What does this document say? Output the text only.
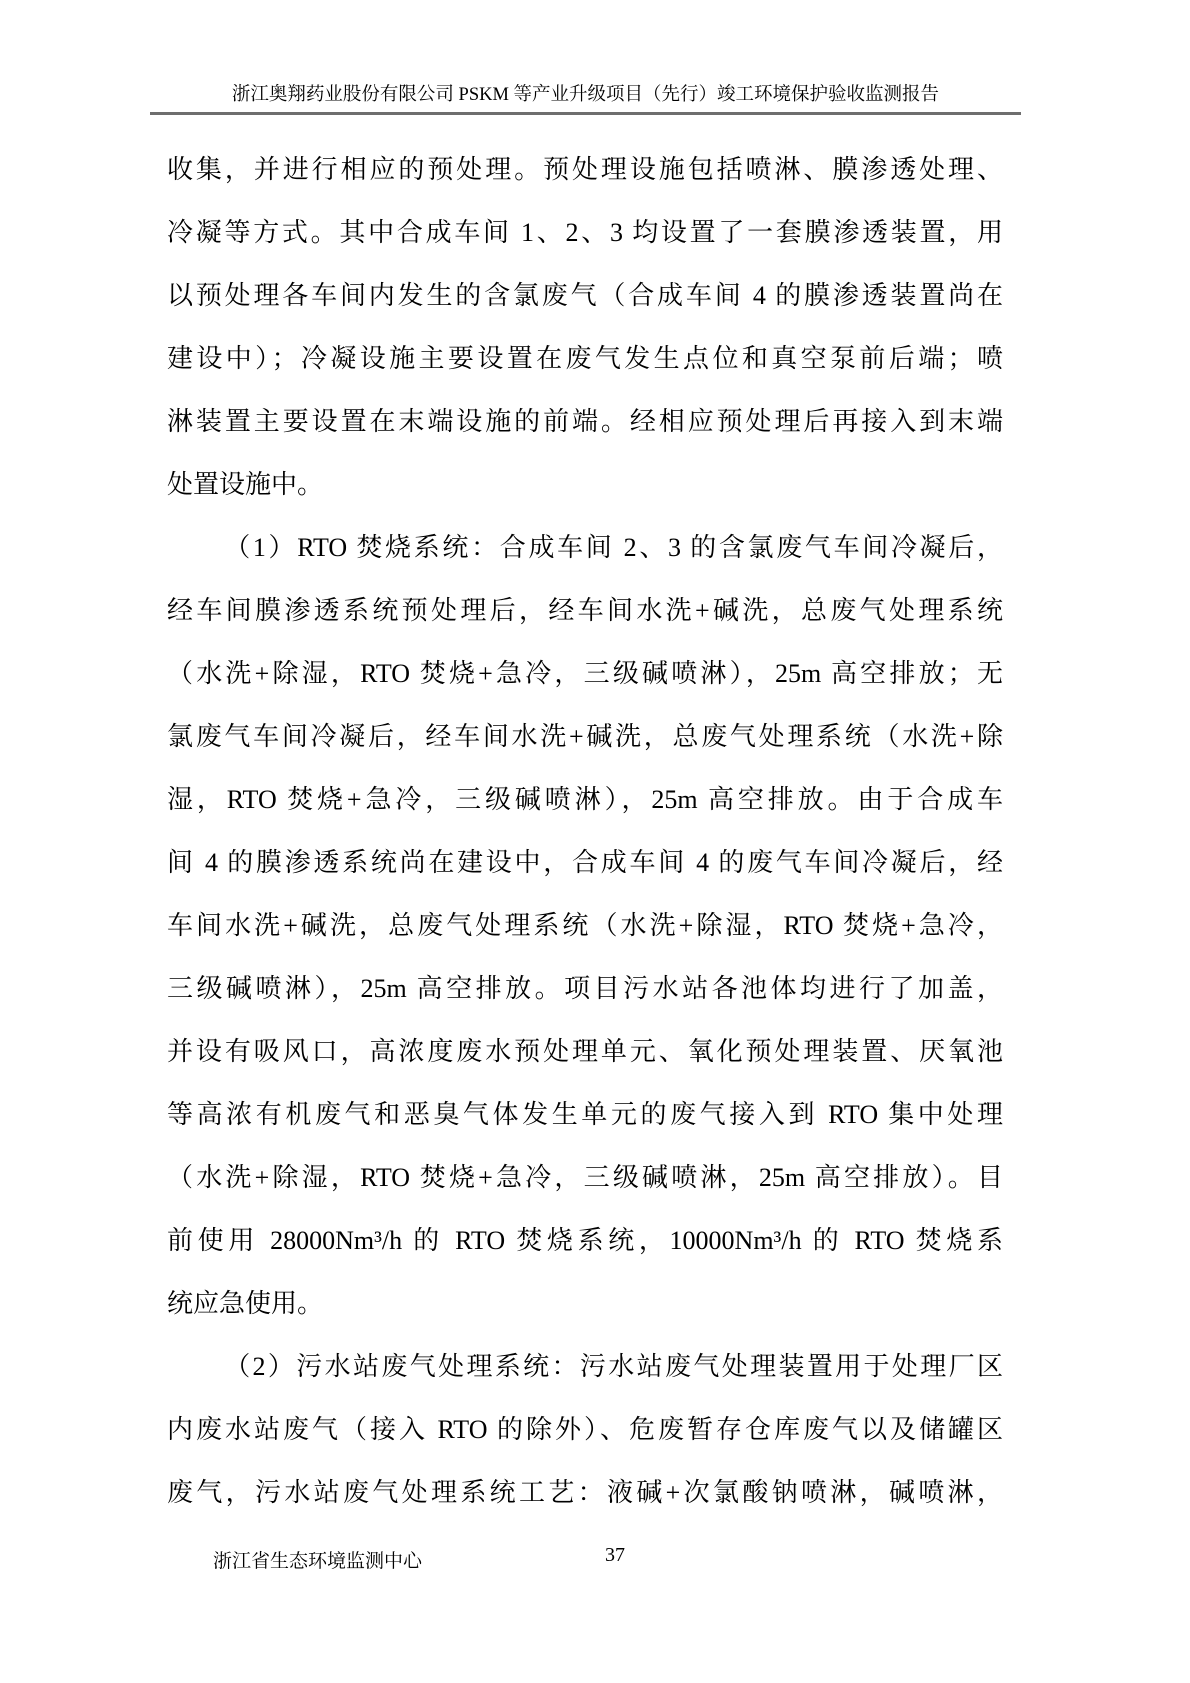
浙江奥翔药业股份有限公司 PSKM 等产业升级项目（先行）竣工环境保护验收监测报告
收集，并进行相应的预处理。预处理设施包括喷淋、膜渗透处理、
冷凝等方式。其中合成车间 1、2、3 均设置了一套膜渗透装置，用
以预处理各车间内发生的含氯废气（合成车间 4 的膜渗透装置尚在
建设中）；冷凝设施主要设置在废气发生点位和真空泵前后端；喷
淋装置主要设置在末端设施的前端。经相应预处理后再接入到末端
处置设施中。
（1）RTO 焚烧系统：合成车间 2、3 的含氯废气车间冷凝后，
经车间膜渗透系统预处理后，经车间水洗+碱洗，总废气处理系统
（水洗+除湿，RTO 焚烧+急冷，三级碱喷淋），25m 高空排放；无
氯废气车间冷凝后，经车间水洗+碱洗，总废气处理系统（水洗+除
湿，RTO 焚烧+急冷，三级碱喷淋），25m 高空排放。由于合成车
间 4 的膜渗透系统尚在建设中，合成车间 4 的废气车间冷凝后，经
车间水洗+碱洗，总废气处理系统（水洗+除湿，RTO 焚烧+急冷，
三级碱喷淋），25m 高空排放。项目污水站各池体均进行了加盖，
并设有吸风口，高浓度废水预处理单元、氧化预处理装置、厌氧池
等高浓有机废气和恶臭气体发生单元的废气接入到 RTO 集中处理
（水洗+除湿，RTO 焚烧+急冷，三级碱喷淋，25m 高空排放）。目
前使用 28000Nm³/h 的 RTO 焚烧系统，10000Nm³/h 的 RTO 焚烧系
统应急使用。
（2）污水站废气处理系统：污水站废气处理装置用于处理厂区
内废水站废气（接入 RTO 的除外）、危废暂存仓库废气以及储罐区
废气，污水站废气处理系统工艺：液碱+次氯酸钠喷淋，碱喷淋，
浙江省生态环境监测中心	37
